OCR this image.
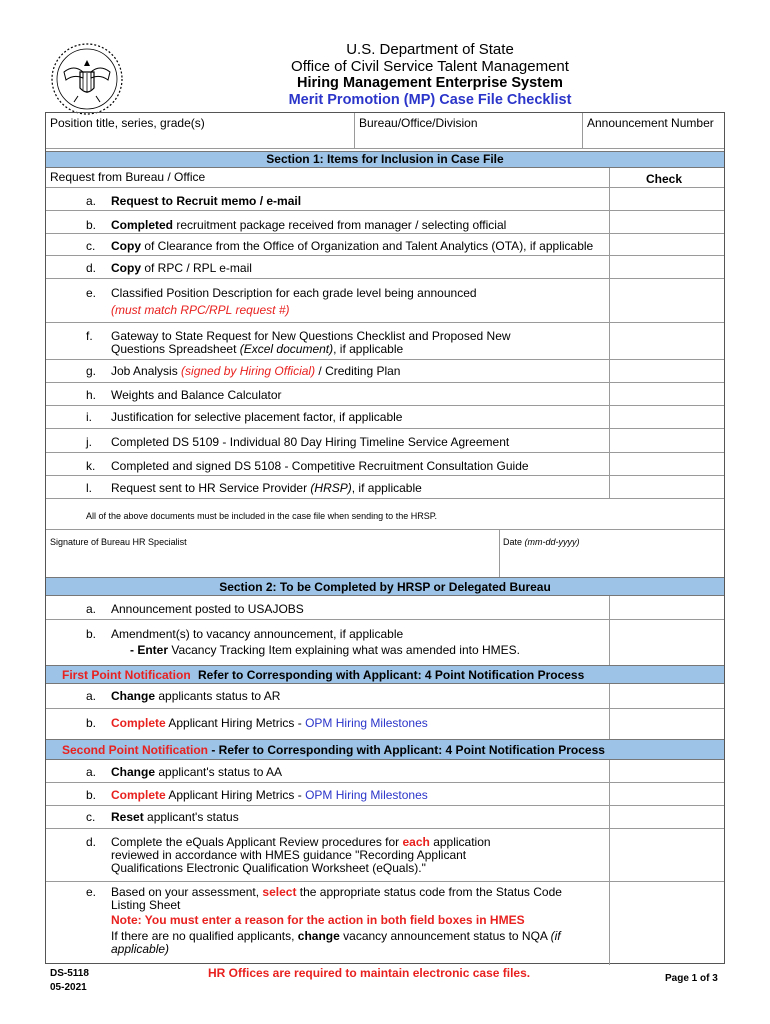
U.S. Department of State
Office of Civil Service Talent Management
Hiring Management Enterprise System
Merit Promotion (MP) Case File Checklist
Position title, series, grade(s)	Bureau/Office/Division	Announcement Number
Section 1: Items for Inclusion in Case File
Request from Bureau / Office	Check
a. Request to Recruit memo / e-mail
b. Completed recruitment package received from manager / selecting official
c. Copy of Clearance from the Office of Organization and Talent Analytics (OTA), if applicable
d. Copy of RPC / RPL e-mail
e. Classified Position Description for each grade level being announced
(must match RPC/RPL request #)
f. Gateway to State Request for New Questions Checklist and Proposed New
Questions Spreadsheet (Excel document), if applicable
g. Job Analysis (signed by Hiring Official) / Crediting Plan
h. Weights and Balance Calculator
i. Justification for selective placement factor, if applicable
j. Completed DS 5109 - Individual 80 Day Hiring Timeline Service Agreement
k. Completed and signed DS 5108 - Competitive Recruitment Consultation Guide
l. Request sent to HR Service Provider (HRSP), if applicable
All of the above documents must be included in the case file when sending to the HRSP.
Signature of Bureau HR Specialist	Date (mm-dd-yyyy)
Section 2: To be Completed by HRSP or Delegated Bureau
a. Announcement posted to USAJOBS
b. Amendment(s) to vacancy announcement, if applicable
- Enter Vacancy Tracking Item explaining what was amended into HMES.
First Point Notification Refer to Corresponding with Applicant: 4 Point Notification Process
a. Change applicants status to AR
b. Complete Applicant Hiring Metrics - OPM Hiring Milestones
Second Point Notification - Refer to Corresponding with Applicant: 4 Point Notification Process
a. Change applicant's status to AA
b. Complete Applicant Hiring Metrics - OPM Hiring Milestones
c. Reset applicant's status
d. Complete the eQuals Applicant Review procedures for each application
reviewed in accordance with HMES guidance "Recording Applicant
Qualifications Electronic Qualification Worksheet (eQuals)."
e. Based on your assessment, select the appropriate status code from the Status Code
Listing Sheet
Note: You must enter a reason for the action in both field boxes in HMES
If there are no qualified applicants, change vacancy announcement status to NQA (if
applicable)
DS-5118
05-2021
HR Offices are required to maintain electronic case files.	Page 1 of 3
